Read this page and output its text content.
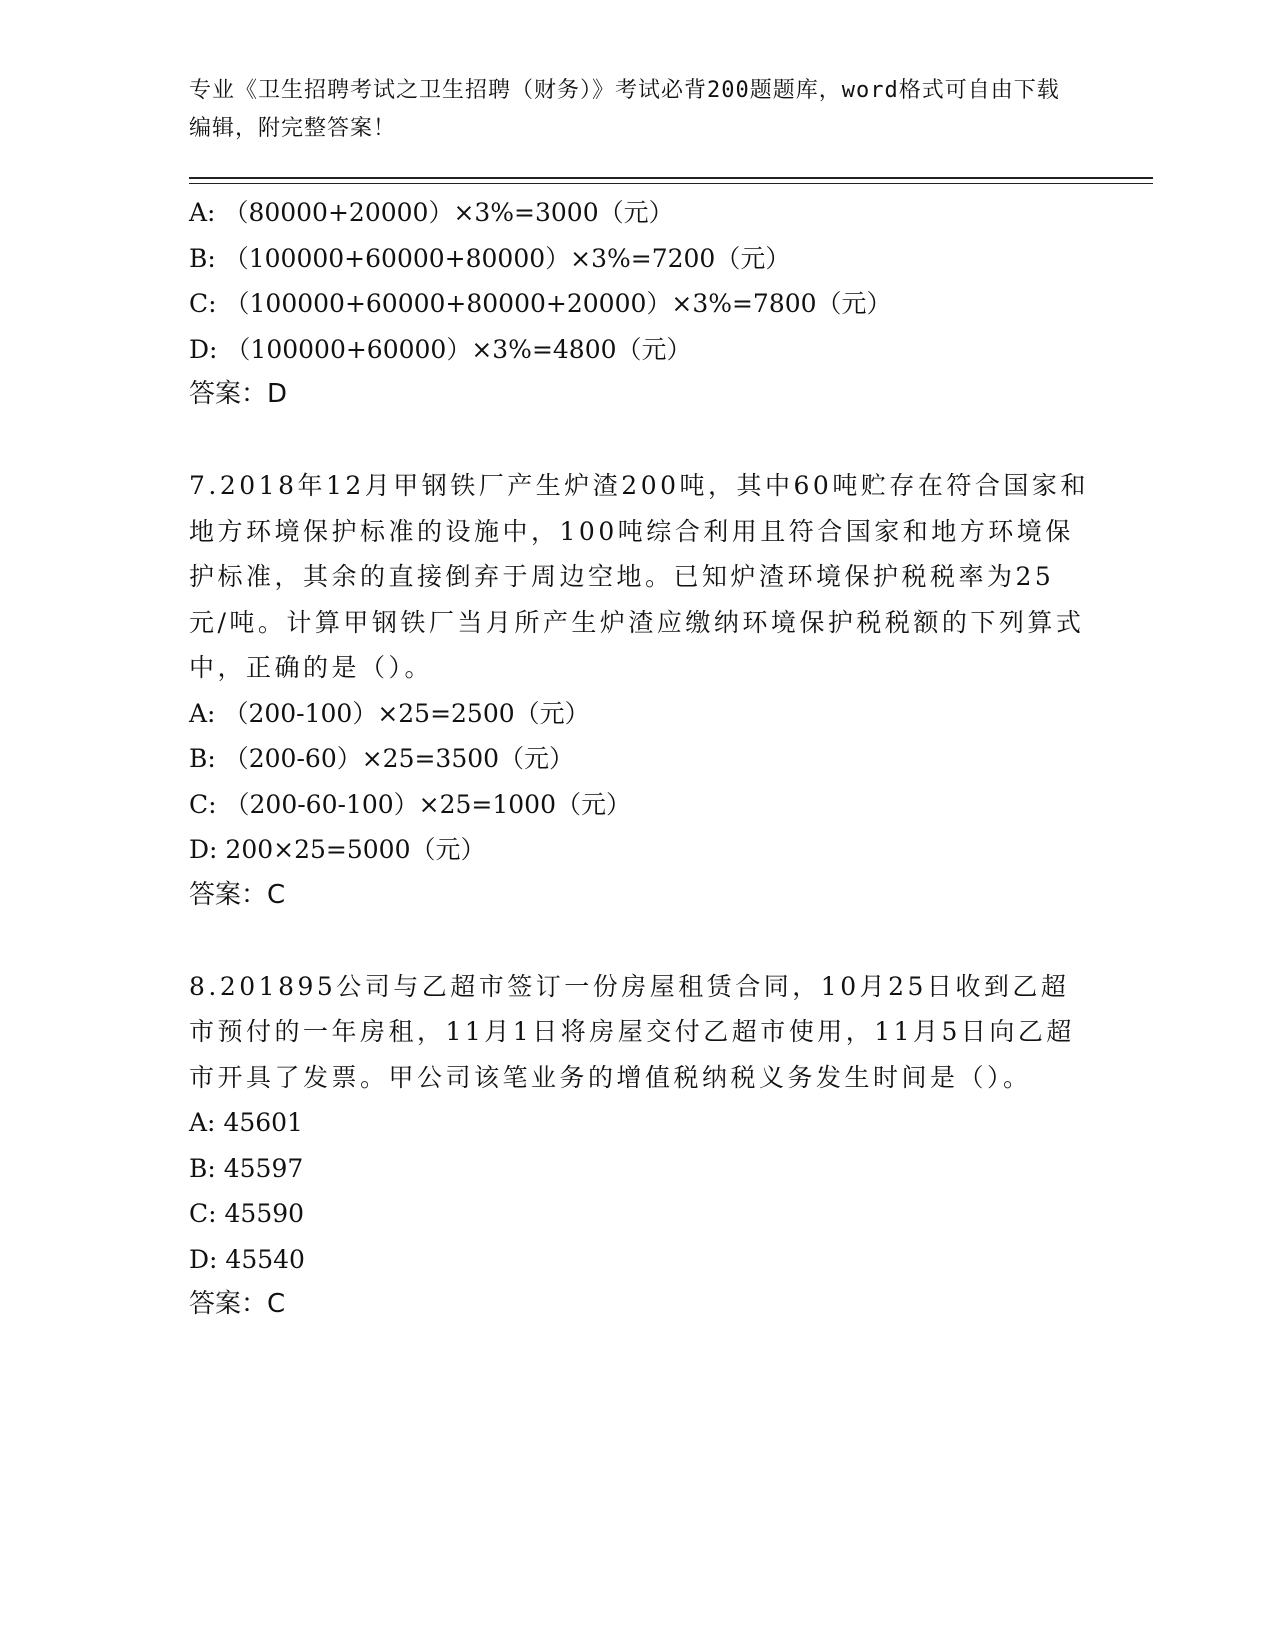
专业《卫生招聘考试之卫生招聘（财务）》考试必背200题题库，word格式可自由下载编辑，附完整答案！
A: （80000+20000）×3%=3000（元）
B: （100000+60000+80000）×3%=7200（元）
C: （100000+60000+80000+20000）×3%=7800（元）
D: （100000+60000）×3%=4800（元）
答案：D
7.2018年12月甲钢铁厂产生炉渣200吨，其中60吨贮存在符合国家和地方环境保护标准的设施中，100吨综合利用且符合国家和地方环境保护标准，其余的直接倒弃于周边空地。已知炉渣环境保护税税率为25元/吨。计算甲钢铁厂当月所产生炉渣应缴纳环境保护税税额的下列算式中，正确的是（）。
A: （200-100）×25=2500（元）
B: （200-60）×25=3500（元）
C: （200-60-100）×25=1000（元）
D: 200×25=5000（元）
答案：C
8.201895公司与乙超市签订一份房屋租赁合同，10月25日收到乙超市预付的一年房租，11月1日将房屋交付乙超市使用，11月5日向乙超市开具了发票。甲公司该笔业务的增值税纳税义务发生时间是（）。
A: 45601
B: 45597
C: 45590
D: 45540
答案：C
